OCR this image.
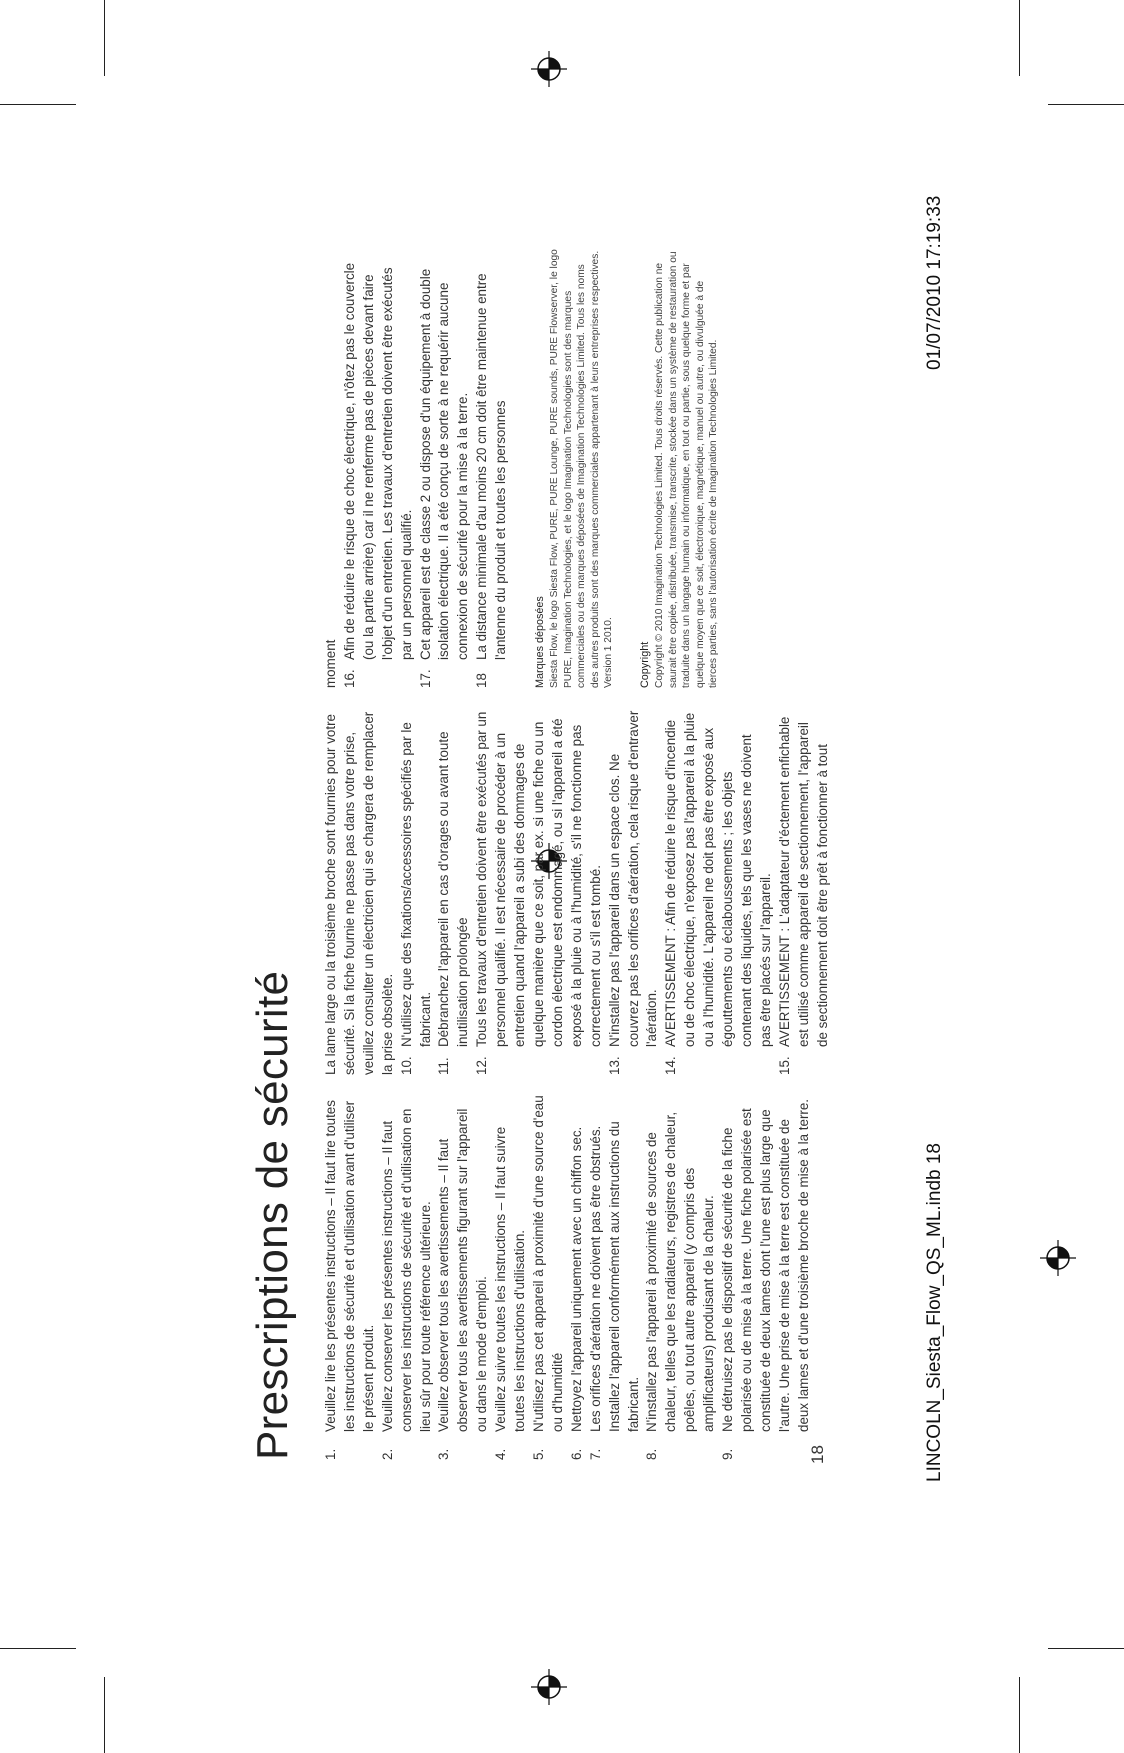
Prescriptions de sécurité 1.
Veuillez lire les présentes instructions – Il faut lire toutes les instructions de sécurité et d'utilisation avant d'utiliser le présent produit.
2.
Veuillez conserver les présentes instructions – Il faut conserver les instructions de sécurité et d'utilisation en lieu sûr pour toute référence ultérieure.
3.
Veuillez observer tous les avertissements – Il faut observer tous les avertissements figurant sur l'appareil ou dans le mode d'emploi.
4.
Veuillez suivre toutes les instructions – Il faut suivre toutes les instructions d'utilisation.
5.
N'utilisez pas cet appareil à proximité d'une source d'eau ou d'humidité
6.
Nettoyez l'appareil uniquement avec un chiffon sec.
7.
Les orifices d'aération ne doivent pas être obstrués. Installez l'appareil conformément aux instructions du fabricant.
8.
N'installez pas l'appareil à proximité de sources de chaleur, telles que les radiateurs, registres de chaleur, poêles, ou tout autre appareil (y compris des amplificateurs) produisant de la chaleur.
9.
Ne détruisez pas le dispositif de sécurité de la fiche polarisée ou de mise à la terre. Une fiche polarisée est constituée de deux lames dont l'une est plus large que l'autre. Une prise de mise à la terre est constituée de deux lames et d'une troisième broche de mise à la terre.

La lame large ou la troisième broche sont fournies pour votre sécurité. Si la fiche fournie ne passe pas dans votre prise, veuillez consulter un électricien qui se chargera de remplacer la prise obsolète. 10.
N'utilisez que des fixations/accessoires spécifiés par le fabricant.
11.
Débranchez l'appareil en cas d'orages ou avant toute inutilisation prolongée
12.
Tous les travaux d'entretien doivent être exécutés par un personnel qualifié. Il est nécessaire de procéder à un entretien quand l'appareil a subi des dommages de quelque manière que ce soit, par ex. si une fiche ou un cordon électrique est endommagé, ou si l'appareil a été exposé à la pluie ou à l'humidité, s'il ne fonctionne pas correctement ou s'il est tombé.
13.
N'installez pas l'appareil dans un espace clos. Ne couvrez pas les orifices d'aération, cela risque d'entraver l'aération.
14.
AVERTISSEMENT : Afin de réduire le risque d'incendie ou de choc électrique, n'exposez pas l'appareil à la pluie ou à l'humidité. L'appareil ne doit pas être exposé aux égouttements ou éclaboussements ; les objets contenant des liquides, tels que les vases ne doivent pas être placés sur l'appareil.
15.
AVERTISSEMENT : L'adaptateur d'éctement enfichable est utilisé comme appareil de sectionnement, l'appareil de sectionnement doit être prêt à fonctionner à tout

moment 16.
Afin de réduire le risque de choc électrique, n'ôtez pas le couvercle (ou la partie arrière) car il ne renferme pas de pièces devant faire l'objet d'un entretien. Les travaux d'entretien doivent être exécutés par un personnel qualifié.
17.
Cet appareil est de classe 2 ou dispose d'un équipement à double isolation électrique. Il a été conçu de sorte à ne requérir aucune connexion de sécurité pour la mise à la terre.
18
La distance minimale d'au moins 20 cm doit être maintenue entre l'antenne du produit et toutes les personnes Marques déposées Siesta Flow, le logo Siesta Flow, PURE, PURE Lounge, PURE sounds, PURE Flowserver, le logo PURE, Imagination Technologies, et le logo Imagination Technologies sont des marques commerciales ou des marques déposées de Imagination Technologies Limited. Tous les noms des autres produits sont des marques commerciales appartenant à leurs entreprises respectives. Version 1 2010. Copyright Copyright © 2010 Imagination Technologies Limited. Tous droits réservés. Cette publication ne saurait être copiée, distribuée, transmise, transcrite, stockée dans un système de restauration ou traduite dans un langage humain ou informatique, en tout ou partie, sous quelque forme et par quelque moyen que ce soit, électronique, magnétique, manuel ou autre, ou divulguée à de tierces parties, sans l'autorisation écrite de Imagination Technologies Limited.

18	LINCOLN_Siesta_Flow_QS_ML.indb 18

01/07/2010 17:19:33
